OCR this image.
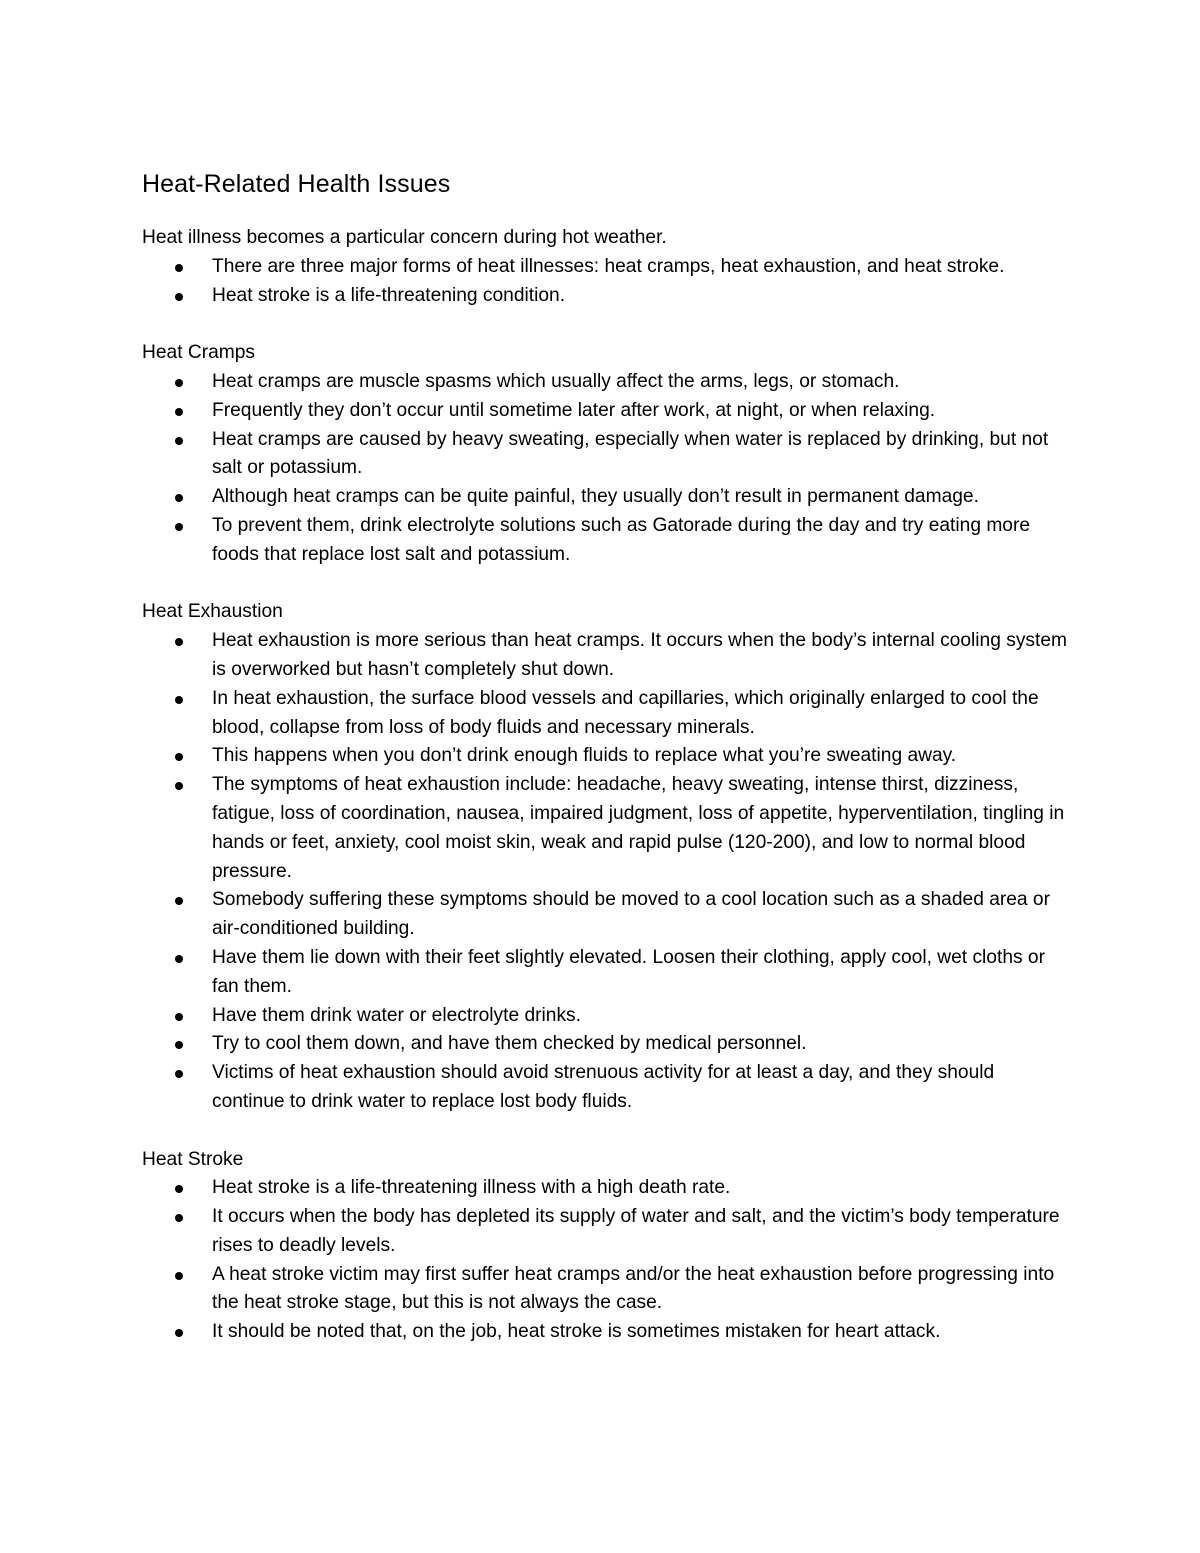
Heat-Related Health Issues

Heat illness becomes a particular concern during hot weather.

There are three major forms of heat illnesses: heat cramps, heat exhaustion, and heat stroke.
Heat stroke is a life-threatening condition.
Heat Cramps
Heat cramps are muscle spasms which usually affect the arms, legs, or stomach.
Frequently they don’t occur until sometime later after work, at night, or when relaxing.
Heat cramps are caused by heavy sweating, especially when water is replaced by drinking, but not salt or potassium.
Although heat cramps can be quite painful, they usually don’t result in permanent damage.
To prevent them, drink electrolyte solutions such as Gatorade during the day and try eating more foods that replace lost salt and potassium.
Heat Exhaustion
Heat exhaustion is more serious than heat cramps. It occurs when the body’s internal cooling system is overworked but hasn’t completely shut down.
In heat exhaustion, the surface blood vessels and capillaries, which originally enlarged to cool the blood, collapse from loss of body fluids and necessary minerals.
This happens when you don’t drink enough fluids to replace what you’re sweating away.
The symptoms of heat exhaustion include: headache, heavy sweating, intense thirst, dizziness, fatigue, loss of coordination, nausea, impaired judgment, loss of appetite, hyperventilation, tingling in hands or feet, anxiety, cool moist skin, weak and rapid pulse (120-200), and low to normal blood pressure.
Somebody suffering these symptoms should be moved to a cool location such as a shaded area or air-conditioned building.
Have them lie down with their feet slightly elevated. Loosen their clothing, apply cool, wet cloths or fan them.
Have them drink water or electrolyte drinks.
Try to cool them down, and have them checked by medical personnel.
Victims of heat exhaustion should avoid strenuous activity for at least a day, and they should continue to drink water to replace lost body fluids.
Heat Stroke
Heat stroke is a life-threatening illness with a high death rate.
It occurs when the body has depleted its supply of water and salt, and the victim’s body temperature rises to deadly levels.
A heat stroke victim may first suffer heat cramps and/or the heat exhaustion before progressing into the heat stroke stage, but this is not always the case.
It should be noted that, on the job, heat stroke is sometimes mistaken for heart attack.
